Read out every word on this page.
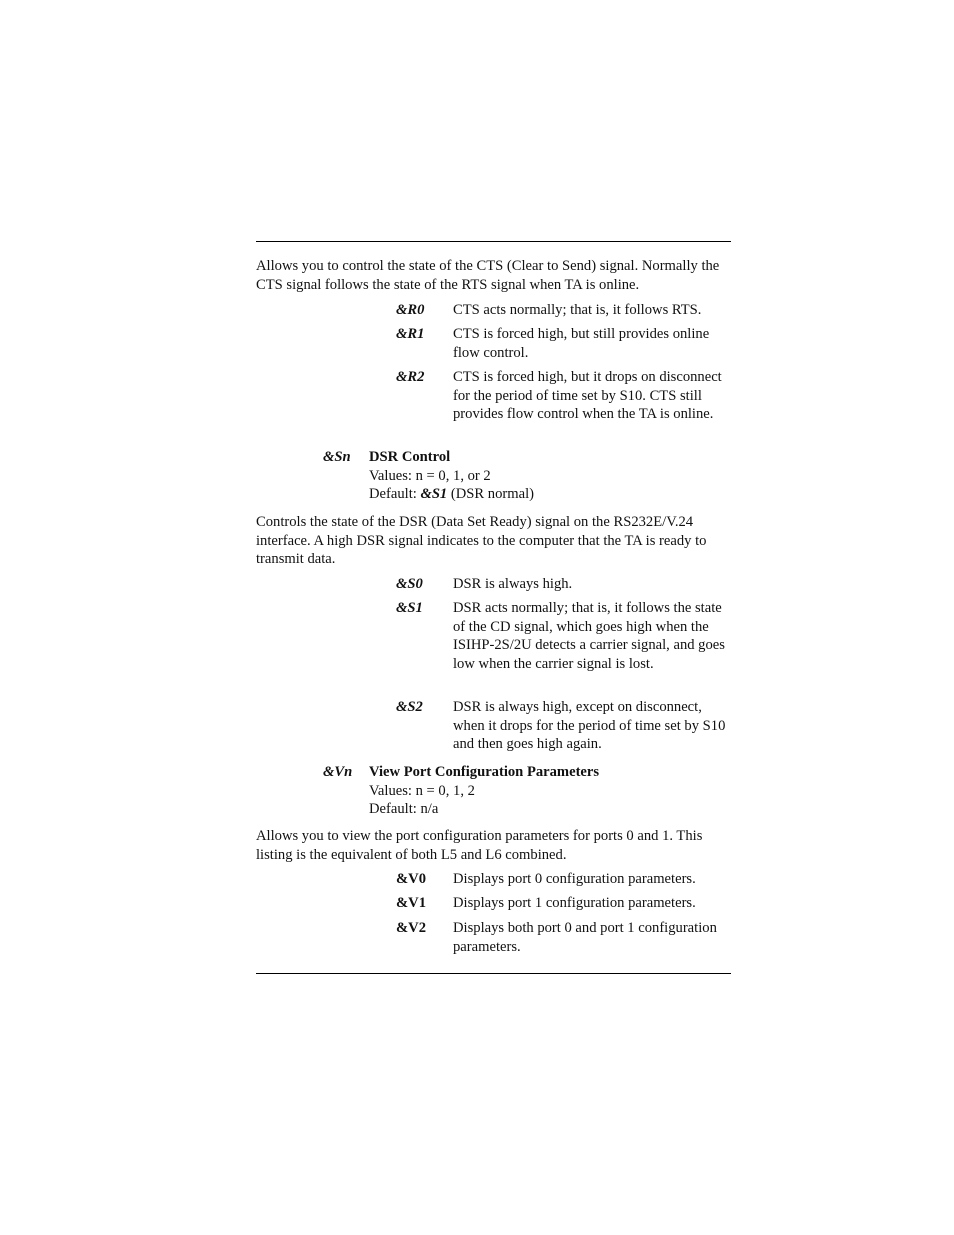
Allows you to control the state of the CTS (Clear to Send) signal. Normally the CTS signal follows the state of the RTS signal when TA is online.

&R0 CTS acts normally; that is, it follows RTS.
&R1 CTS is forced high, but still provides online flow control.
&R2 CTS is forced high, but it drops on disconnect for the period of time set by S10. CTS still provides flow control when the TA is online.
&Sn DSR Control
Values: n = 0, 1, or 2
Default: &S1 (DSR normal)

Controls the state of the DSR (Data Set Ready) signal on the RS232E/V.24 interface. A high DSR signal indicates to the computer that the TA is ready to transmit data.

&S0 DSR is always high.
&S1 DSR acts normally; that is, it follows the state of the CD signal, which goes high when the ISIHP-2S/2U detects a carrier signal, and goes low when the carrier signal is lost.
&S2 DSR is always high, except on disconnect, when it drops for the period of time set by S10 and then goes high again.
&Vn View Port Configuration Parameters
Values: n = 0, 1, 2
Default: n/a

Allows you to view the port configuration parameters for ports 0 and 1. This listing is the equivalent of both L5 and L6 combined.

&V0 Displays port 0 configuration parameters.
&V1 Displays port 1 configuration parameters.
&V2 Displays both port 0 and port 1 configuration parameters.
